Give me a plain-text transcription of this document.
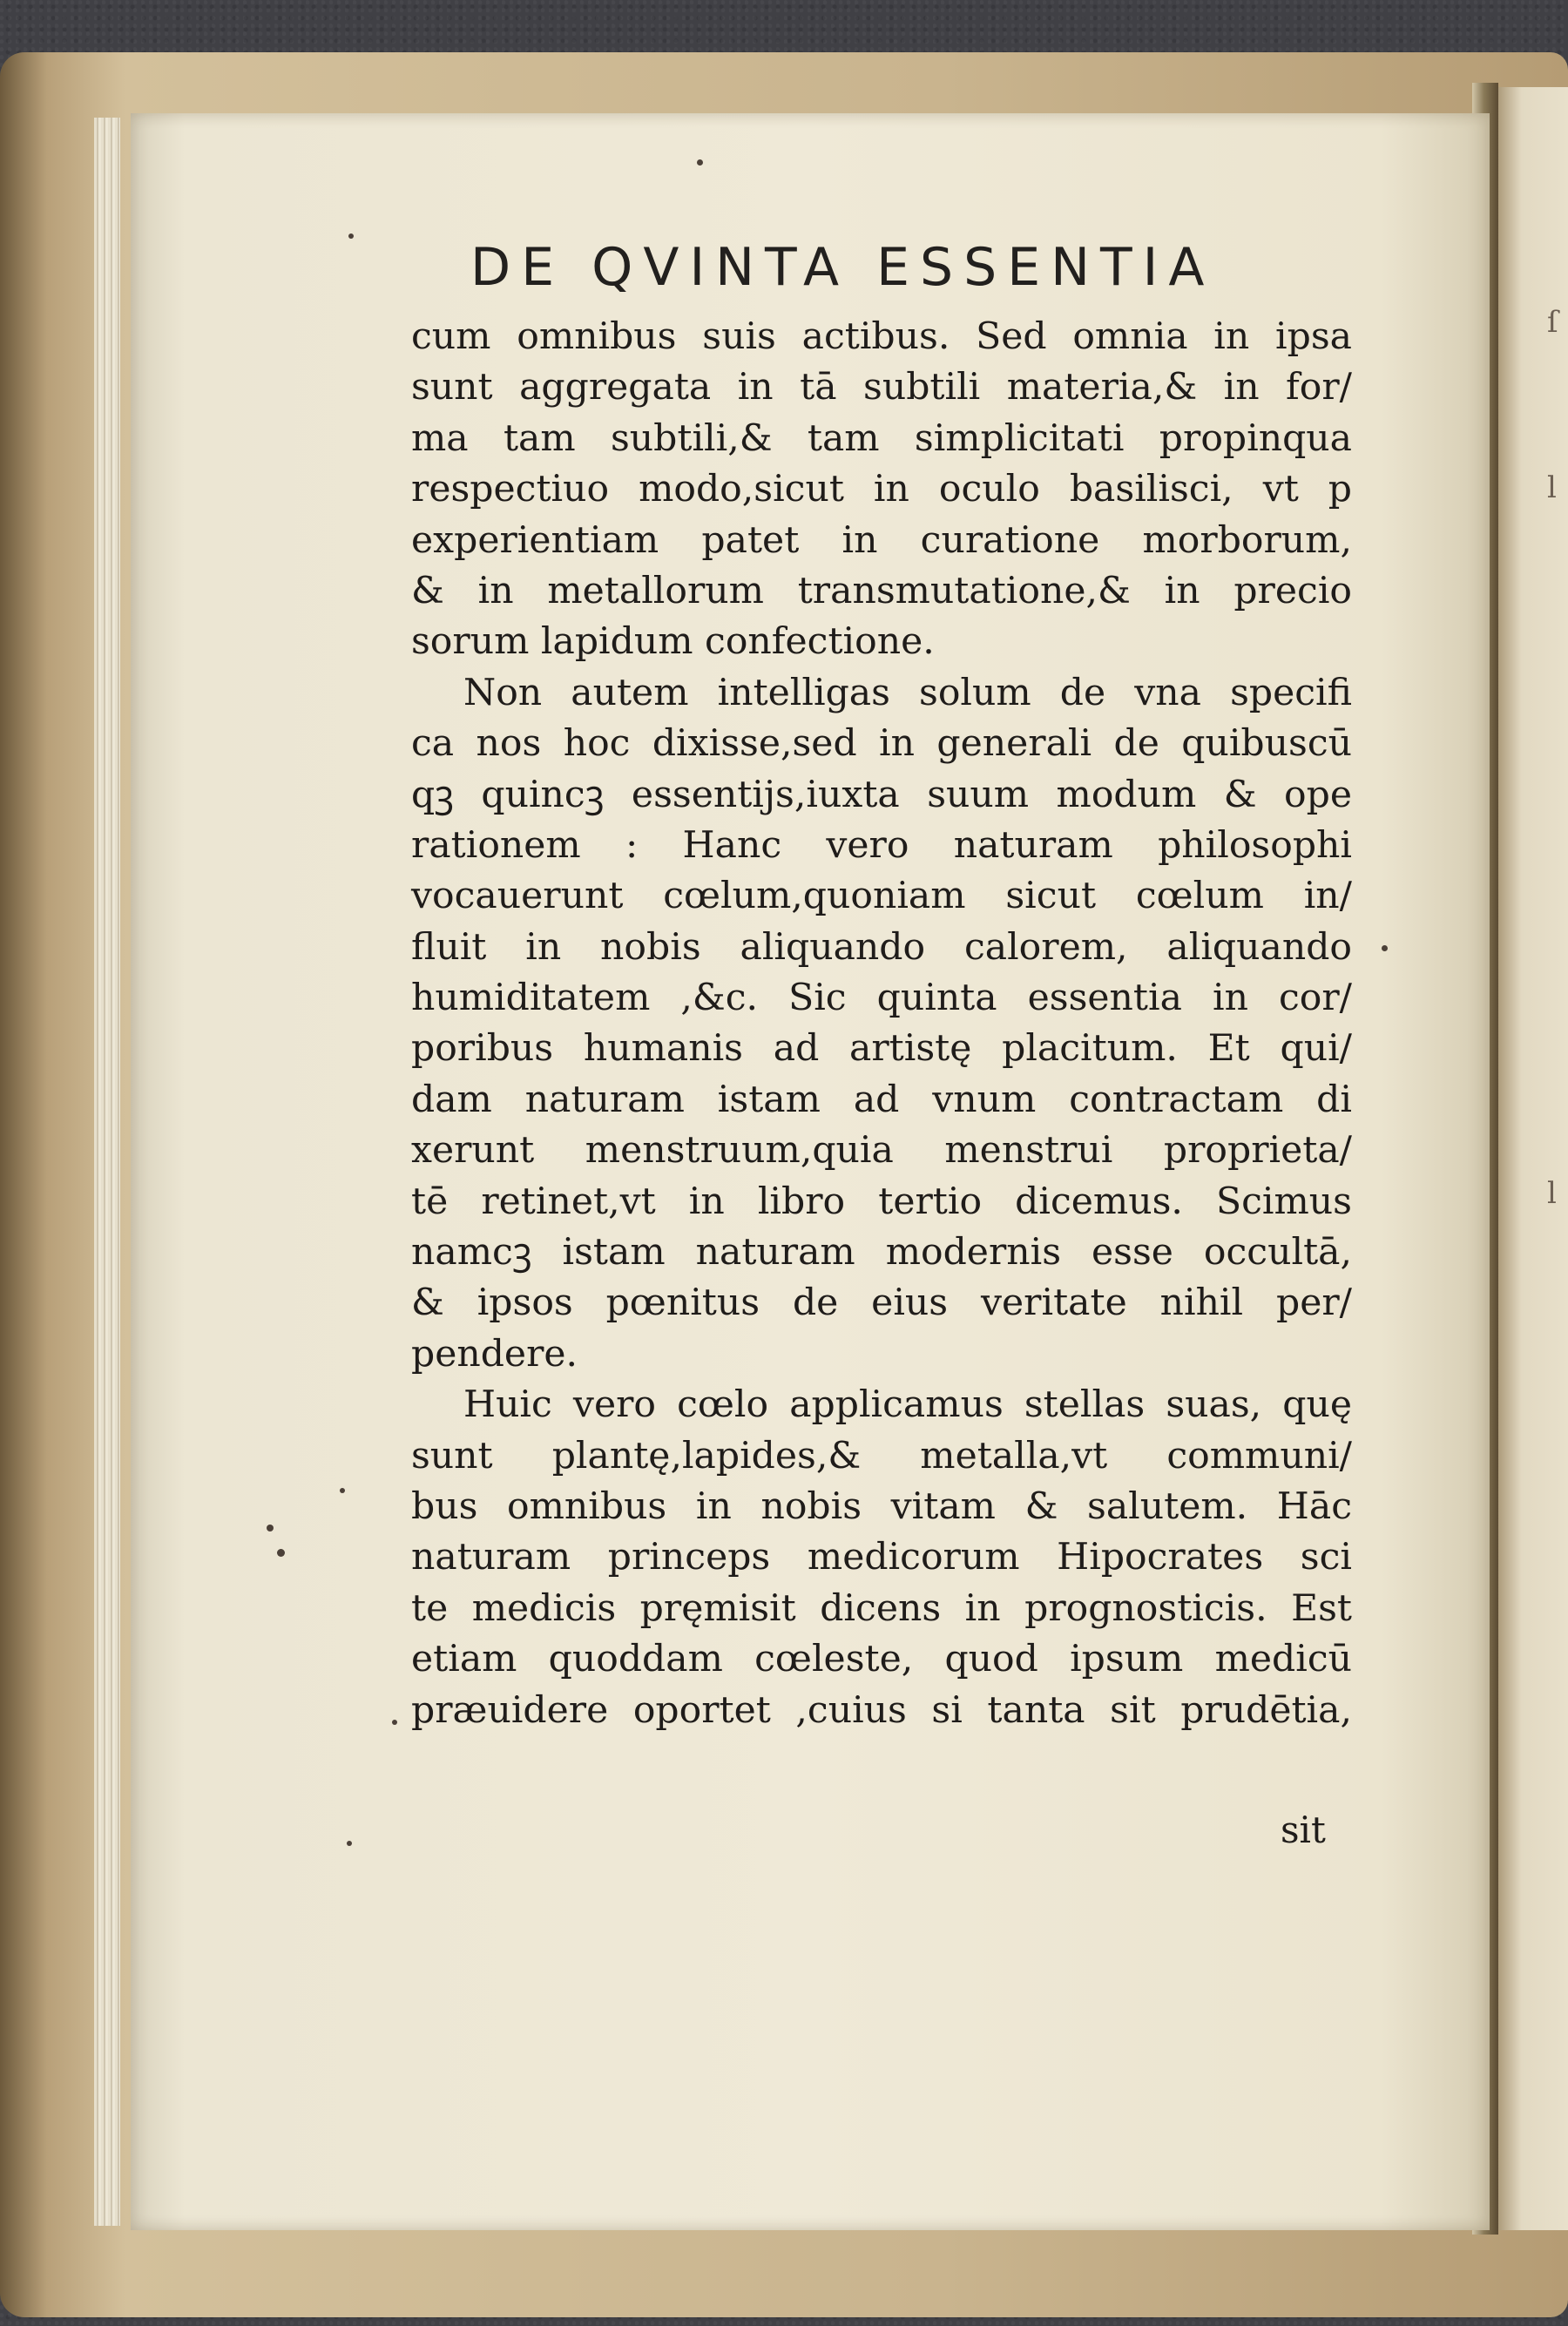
ſ
l
l
DE QVINTA ESSENTIA
cum omnibus suis actibus. Sed omnia in ipsa
sunt aggregata in tā subtili materia,& in for/
ma tam subtili,& tam simplicitati propinqua
respectiuo modo,sicut in oculo basilisci, vt p
experientiam patet in curatione morborum,
& in metallorum transmutatione,& in precio
sorum lapidum confectione.
Non autem intelligas solum de vna specifi
ca nos hoc dixisse,sed in generali de quibuscū
qꝫ quincꝫ essentijs,iuxta suum modum & ope
rationem : Hanc vero naturam philosophi
vocauerunt cœlum,quoniam sicut cœlum in/
fluit in nobis aliquando calorem, aliquando
humiditatem ,&c. Sic quinta essentia in cor/
poribus humanis ad artistę placitum. Et qui/
dam naturam istam ad vnum contractam di
xerunt menstruum,quia menstrui proprieta/
tē retinet,vt in libro tertio dicemus. Scimus
namcꝫ istam naturam modernis esse occultā,
& ipsos pœnitus de eius veritate nihil per/
pendere.
Huic vero cœlo applicamus stellas suas, quę
sunt plantę,lapides,& metalla,vt communi/
bus omnibus in nobis vitam & salutem. Hāc
naturam princeps medicorum Hipocrates sci
te medicis pręmisit dicens in prognosticis. Est
etiam quoddam cœleste, quod ipsum medicū
præuidere oportet ,cuius si tanta sit prudētia,
sit
